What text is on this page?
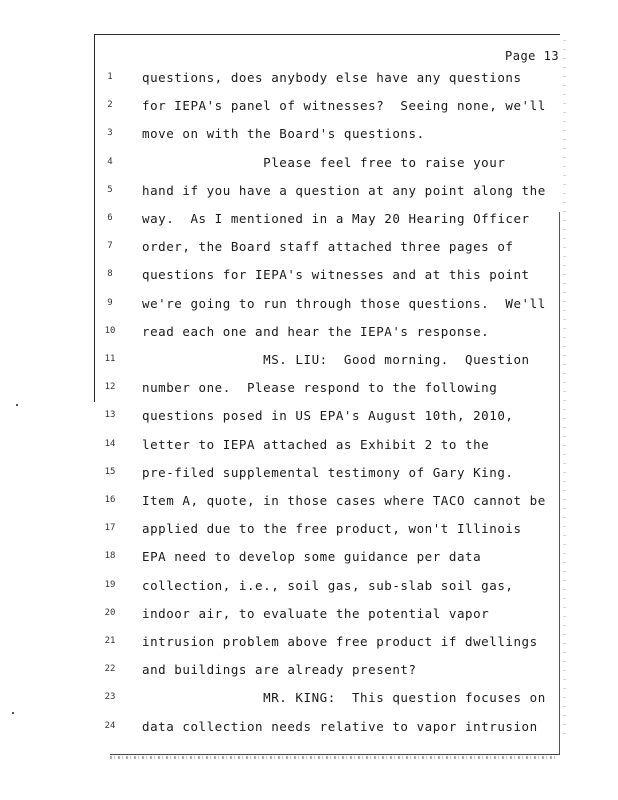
Page 13
1	questions, does anybody else have any questions
2	for IEPA's panel of witnesses?  Seeing none, we'll
3	move on with the Board's questions.
4	Please feel free to raise your
5	hand if you have a question at any point along the
6	way.  As I mentioned in a May 20 Hearing Officer
7	order, the Board staff attached three pages of
8	questions for IEPA's witnesses and at this point
9	we're going to run through those questions.  We'll
10	read each one and hear the IEPA's response.
11	MS. LIU:  Good morning.  Question
12	number one.  Please respond to the following
13	questions posed in US EPA's August 10th, 2010,
14	letter to IEPA attached as Exhibit 2 to the
15	pre-filed supplemental testimony of Gary King.
16	Item A, quote, in those cases where TACO cannot be
17	applied due to the free product, won't Illinois
18	EPA need to develop some guidance per data
19	collection, i.e., soil gas, sub-slab soil gas,
20	indoor air, to evaluate the potential vapor
21	intrusion problem above free product if dwellings
22	and buildings are already present?
23	MR. KING:  This question focuses on
24	data collection needs relative to vapor intrusion
